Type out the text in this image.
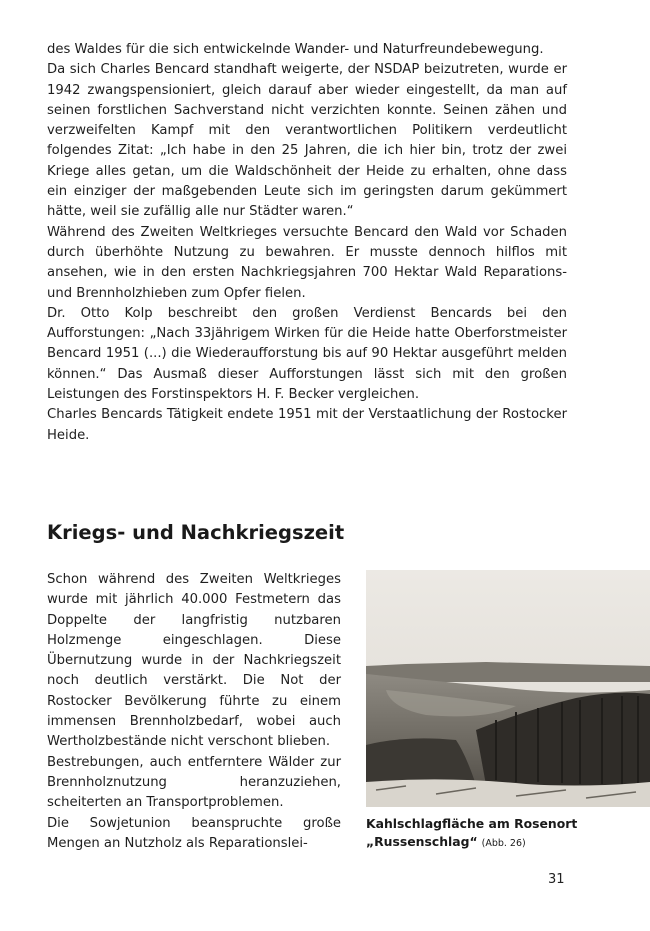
des Waldes für die sich entwickelnde Wander- und Naturfreundebewegung.

Da sich Charles Bencard standhaft weigerte, der NSDAP beizutreten, wurde er 1942 zwangspensioniert, gleich darauf aber wieder eingestellt, da man auf seinen forstlichen Sachverstand nicht verzichten konnte. Seinen zähen und verzweifelten Kampf mit den verantwortlichen Politikern verdeutlicht folgendes Zitat: „Ich habe in den 25 Jahren, die ich hier bin, trotz der zwei Kriege alles getan, um die Waldschönheit der Heide zu erhalten, ohne dass ein einziger der maßgebenden Leute sich im geringsten darum gekümmert hätte, weil sie zufällig alle nur Städter waren.“

Während des Zweiten Weltkrieges versuchte Bencard den Wald vor Schaden durch überhöhte Nutzung zu bewahren. Er musste dennoch hilflos mit ansehen, wie in den ersten Nachkriegsjahren 700 Hektar Wald Reparations- und Brennholzhieben zum Opfer fielen.

Dr. Otto Kolp beschreibt den großen Verdienst Bencards bei den Aufforstungen: „Nach 33jährigem Wirken für die Heide hatte Oberforstmeister Bencard 1951 (...) die Wiederaufforstung bis auf 90 Hektar ausgeführt melden können.“ Das Ausmaß dieser Aufforstungen lässt sich mit den großen Leistungen des Forstinspektors H. F. Becker vergleichen.

Charles Bencards Tätigkeit endete 1951 mit der Verstaatlichung der Rostocker Heide.

Kriegs- und Nachkriegszeit

Schon während des Zweiten Weltkrieges wurde mit jährlich 40.000 Festmetern das Doppelte der langfristig nutzbaren Holzmenge eingeschlagen. Diese Übernutzung wurde in der Nachkriegszeit noch deutlich verstärkt. Die Not der Rostocker Bevölkerung führte zu einem immensen Brennholzbedarf, wobei auch Wertholzbestände nicht verschont blieben.

Bestrebungen, auch entferntere Wälder zur Brennholznutzung heranzuziehen, scheiterten an Transportproblemen.

Die Sowjetunion beanspruchte große Mengen an Nutzholz als Reparationslei-

Kahlschlagfläche am Rosenort
„Russenschlag“ (Abb. 26)
31
